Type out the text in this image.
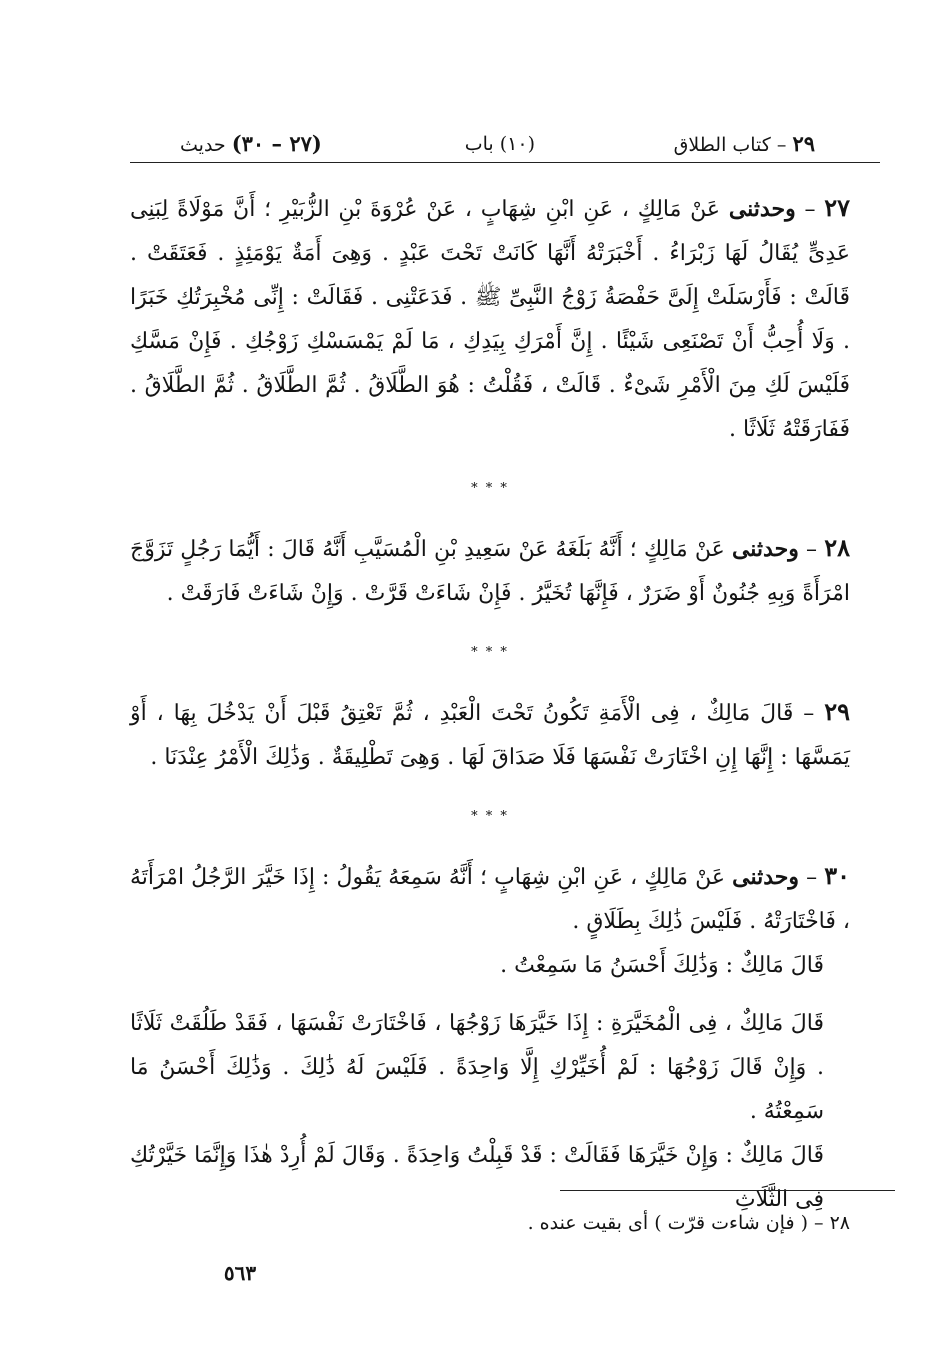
٢٩ – كتاب الطلاق
(١٠) باب
(٢٧ – ٣٠) حديث

٢٧ – وحدثنى عَنْ مَالِكٍ ، عَنِ ابْنِ شِهَابٍ ، عَنْ عُرْوَةَ بْنِ الزُّبَيْرِ ؛ أَنَّ مَوْلَاةً لِبَنِى عَدِىٍّ يُقَالُ لَهَا زَبْرَاءُ . أَخْبَرَتْهُ أَنَّهَا كَانَتْ تَحْتَ عَبْدٍ . وَهِىَ أَمَةٌ يَوْمَئِذٍ . فَعَتَقَتْ . قَالَتْ : فَأَرْسَلَتْ إِلَىَّ حَفْصَةُ زَوْجُ النَّبِىِّ ﷺ . فَدَعَتْنِى . فَقَالَتْ : إِنِّى مُخْبِرَتُكِ خَبَرًا . وَلَا أُحِبُّ أَنْ تَصْنَعِى شَيْئًا . إِنَّ أَمْرَكِ بِيَدِكِ ، مَا لَمْ يَمْسَسْكِ زَوْجُكِ . فَإِنْ مَسَّكِ فَلَيْسَ لَكِ مِنَ الْأَمْرِ شَىْءٌ . قَالَتْ ، فَقُلْتُ : هُوَ الطَّلَاقُ . ثُمَّ الطَّلَاقُ . ثُمَّ الطَّلَاقُ . فَفَارَقَتْهُ ثَلَاثًا .

* * *

٢٨ – وحدثنى عَنْ مَالِكٍ ؛ أَنَّهُ بَلَغَهُ عَنْ سَعِيدِ بْنِ الْمُسَيَّبِ أَنَّهُ قَالَ : أَيُّمَا رَجُلٍ تَزَوَّجَ امْرَأَةً وَبِهِ جُنُونٌ أَوْ ضَرَرٌ ، فَإِنَّهَا تُخَيَّرُ . فَإِنْ شَاءَتْ قَرَّتْ . وَإِنْ شَاءَتْ فَارَقَتْ .

* * *

٢٩ – قَالَ مَالِكٌ ، فِى الْأَمَةِ تَكُونُ تَحْتَ الْعَبْدِ ، ثُمَّ تَعْتِقُ قَبْلَ أَنْ يَدْخُلَ بِهَا ، أَوْ يَمَسَّهَا : إِنَّهَا إِنِ اخْتَارَتْ نَفْسَهَا فَلَا صَدَاقَ لَهَا . وَهِىَ تَطْلِيقَةٌ . وَذَٰلِكَ الْأَمْرُ عِنْدَنَا .

* * *

٣٠ – وحدثنى عَنْ مَالِكٍ ، عَنِ ابْنِ شِهَابٍ ؛ أَنَّهُ سَمِعَهُ يَقُولُ : إِذَا خَيَّرَ الرَّجُلُ امْرَأَتَهُ ، فَاخْتَارَتْهُ . فَلَيْسَ ذَٰلِكَ بِطَلَاقٍ .

قَالَ مَالِكٌ : وَذَٰلِكَ أَحْسَنُ مَا سَمِعْتُ .

قَالَ مَالِكٌ ، فِى الْمُخَيَّرَةِ : إِذَا خَيَّرَهَا زَوْجُهَا ، فَاخْتَارَتْ نَفْسَهَا ، فَقَدْ طَلُقَتْ ثَلَاثًا . وَإِنْ قَالَ زَوْجُهَا : لَمْ أُخَيِّرْكِ إِلَّا وَاحِدَةً . فَلَيْسَ لَهُ ذَٰلِكَ . وَذَٰلِكَ أَحْسَنُ مَا سَمِعْتُهُ .

قَالَ مَالِكٌ : وَإِنْ خَيَّرَهَا فَقَالَتْ : قَدْ قَبِلْتُ وَاحِدَةً . وَقَالَ لَمْ أُرِدْ هٰذَا وَإِنَّمَا خَيَّرْتُكِ فِى الثَّلَاثِ

٢٨ – ( فإن شاءت قرّت ) أى بقيت عنده .
٥٦٣
